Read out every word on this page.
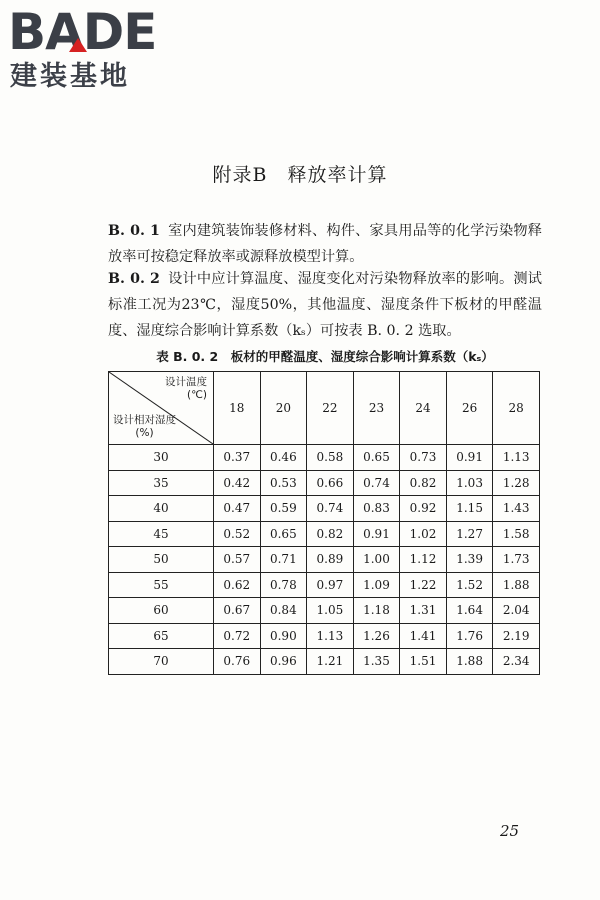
BADE
建装基地
附录B　释放率计算
B. 0. 1 室内建筑装饰装修材料、构件、家具用品等的化学污染物释放率可按稳定释放率或源释放模型计算。
B. 0. 2 设计中应计算温度、湿度变化对污染物释放率的影响。测试标准工况为23℃，湿度50%，其他温度、湿度条件下板材的甲醛温度、湿度综合影响计算系数（kₛ）可按表 B. 0. 2 选取。
表 B. 0. 2　板材的甲醛温度、湿度综合影响计算系数（kₛ）
设计温度
(℃)
设计相对湿度
(%)	18	20	22	23	24	26	28
30	0.37	0.46	0.58	0.65	0.73	0.91	1.13
35	0.42	0.53	0.66	0.74	0.82	1.03	1.28
40	0.47	0.59	0.74	0.83	0.92	1.15	1.43
45	0.52	0.65	0.82	0.91	1.02	1.27	1.58
50	0.57	0.71	0.89	1.00	1.12	1.39	1.73
55	0.62	0.78	0.97	1.09	1.22	1.52	1.88
60	0.67	0.84	1.05	1.18	1.31	1.64	2.04
65	0.72	0.90	1.13	1.26	1.41	1.76	2.19
70	0.76	0.96	1.21	1.35	1.51	1.88	2.34
25
